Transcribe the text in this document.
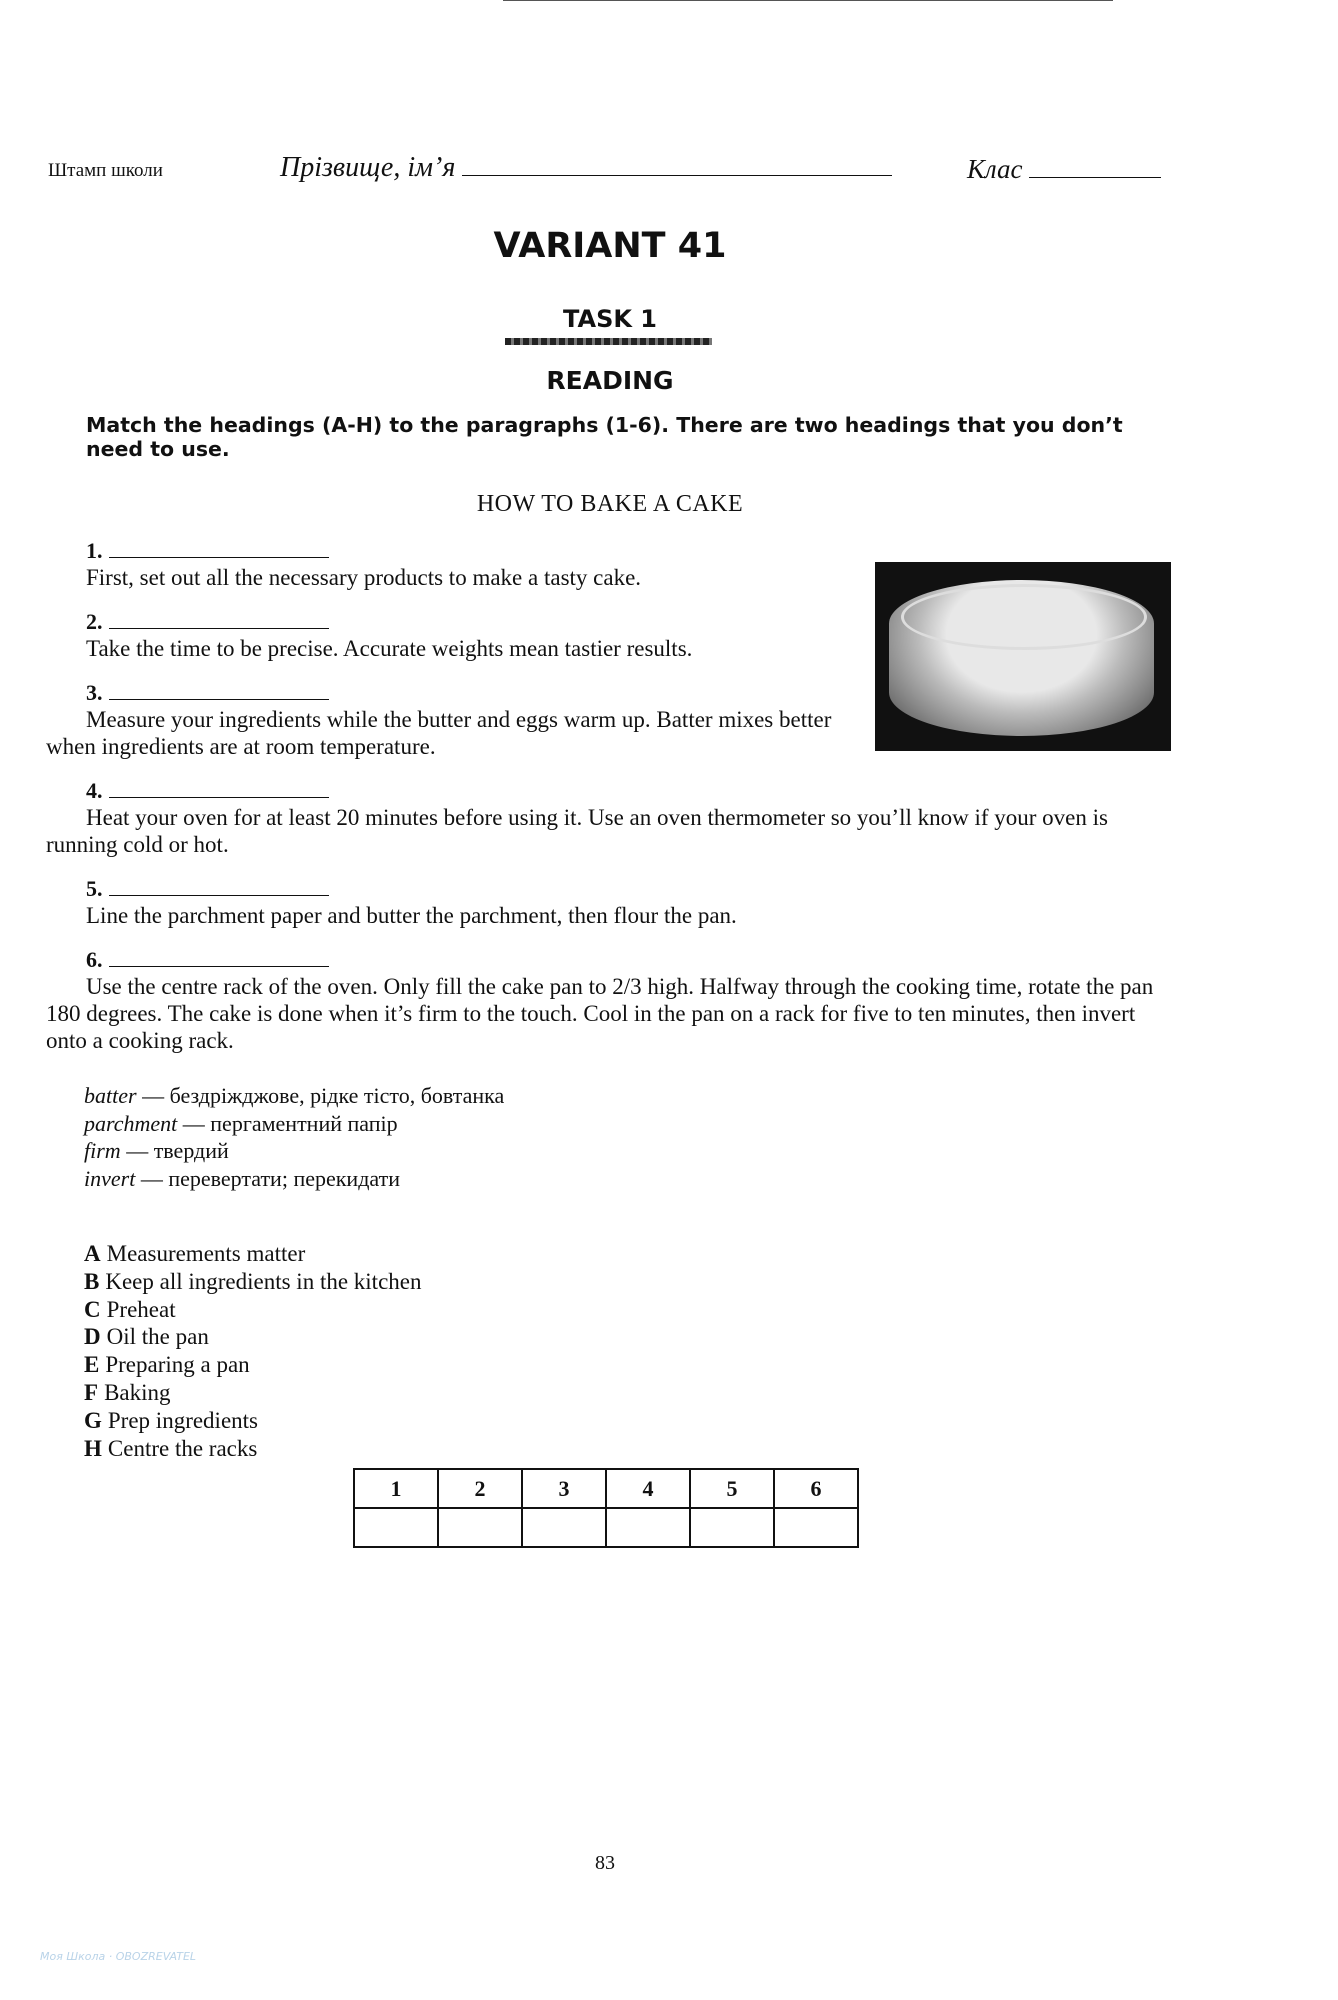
Штамп школи	Прізвище, ім’я	Клас
VARIANT 41
TASK 1
READING
Match the headings (A-H) to the paragraphs (1-6). There are two headings that you don’t need to use.
HOW TO BAKE A CAKE
1.
First, set out all the necessary products to make a tasty cake.
2.
Take the time to be precise. Accurate weights mean tastier results.
3.
Measure your ingredients while the butter and eggs warm up. Batter mixes better when ingredients are at room temperature.
4.
Heat your oven for at least 20 minutes before using it. Use an oven thermometer so you’ll know if your oven is running cold or hot.
5.
Line the parchment paper and butter the parchment, then flour the pan.
6.
Use the centre rack of the oven. Only fill the cake pan to 2/3 high. Halfway through the cooking time, rotate the pan 180 degrees. The cake is done when it’s firm to the touch. Cool in the pan on a rack for five to ten minutes, then invert onto a cooking rack.
batter — бездріжджове, рідке тісто, бовтанка
parchment — пергаментний папір
firm — твердий
invert — перевертати; перекидати
A Measurements matter
B Keep all ingredients in the kitchen
C Preheat
D Oil the pan
E Preparing a pan
F Baking
G Prep ingredients
H Centre the racks
1	2	3	4	5	6

83
Моя Школа · OBOZREVATEL
